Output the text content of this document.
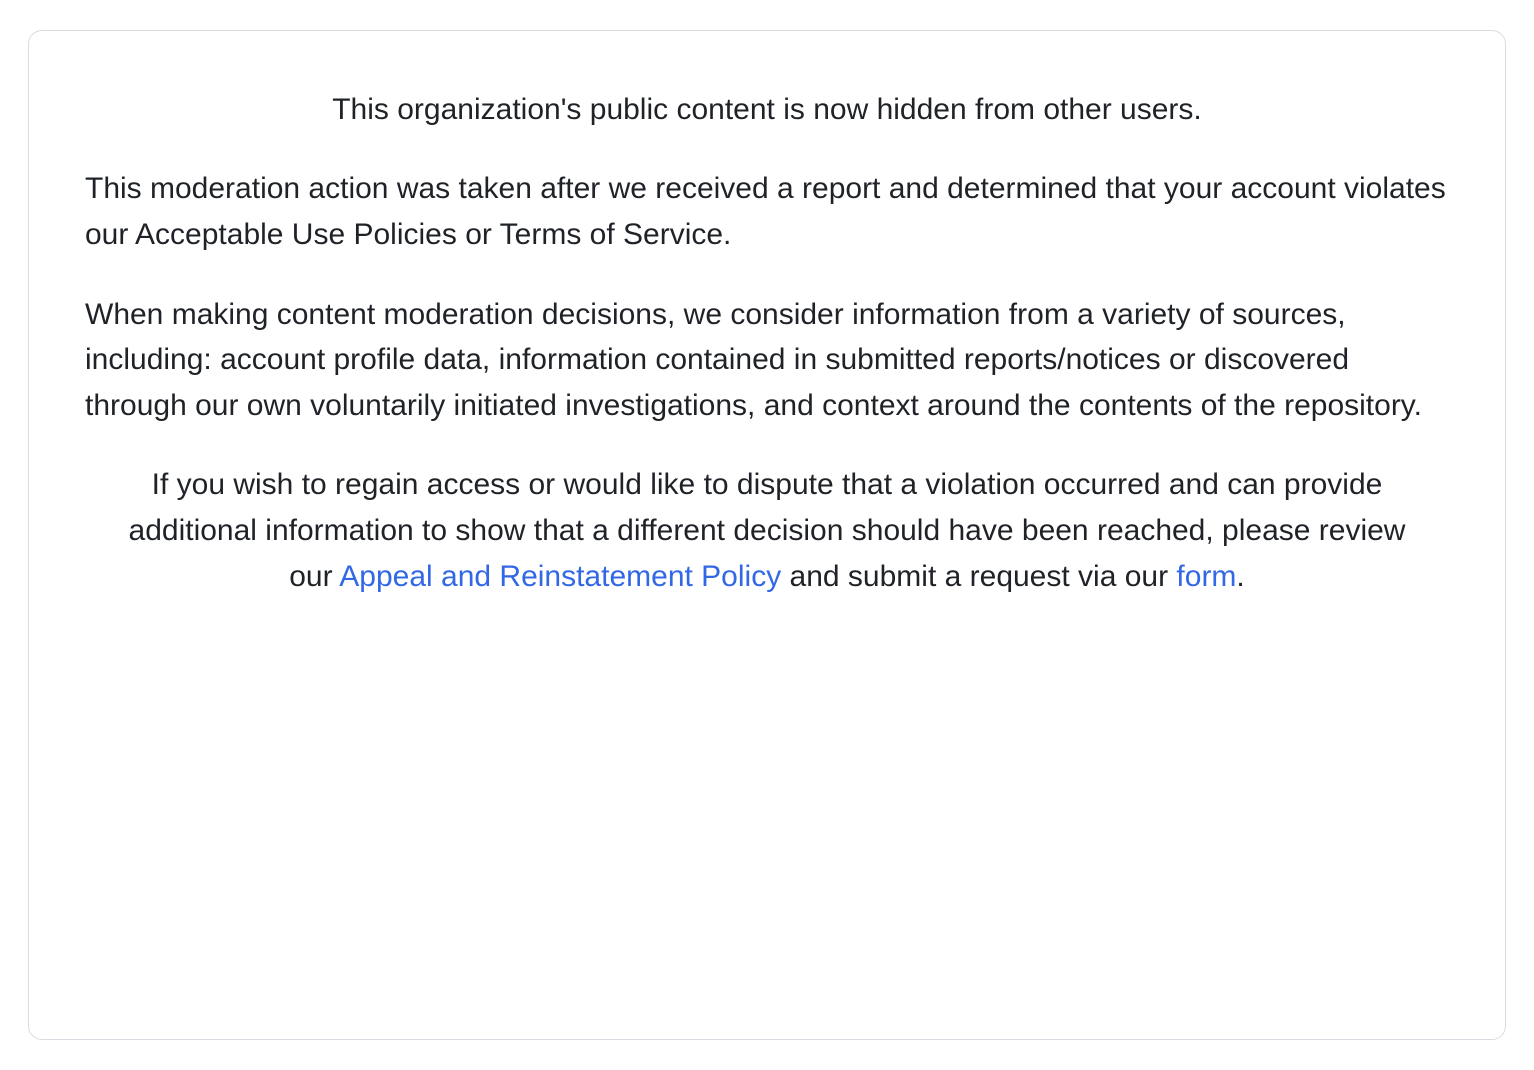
This organization's public content is now hidden from other users.

This moderation action was taken after we received a report and determined that your account violates our Acceptable Use Policies or Terms of Service.

When making content moderation decisions, we consider information from a variety of sources, including: account profile data, information contained in submitted reports/notices or discovered through our own voluntarily initiated investigations, and context around the contents of the repository.

If you wish to regain access or would like to dispute that a violation occurred and can provide additional information to show that a different decision should have been reached, please review our Appeal and Reinstatement Policy and submit a request via our form.
